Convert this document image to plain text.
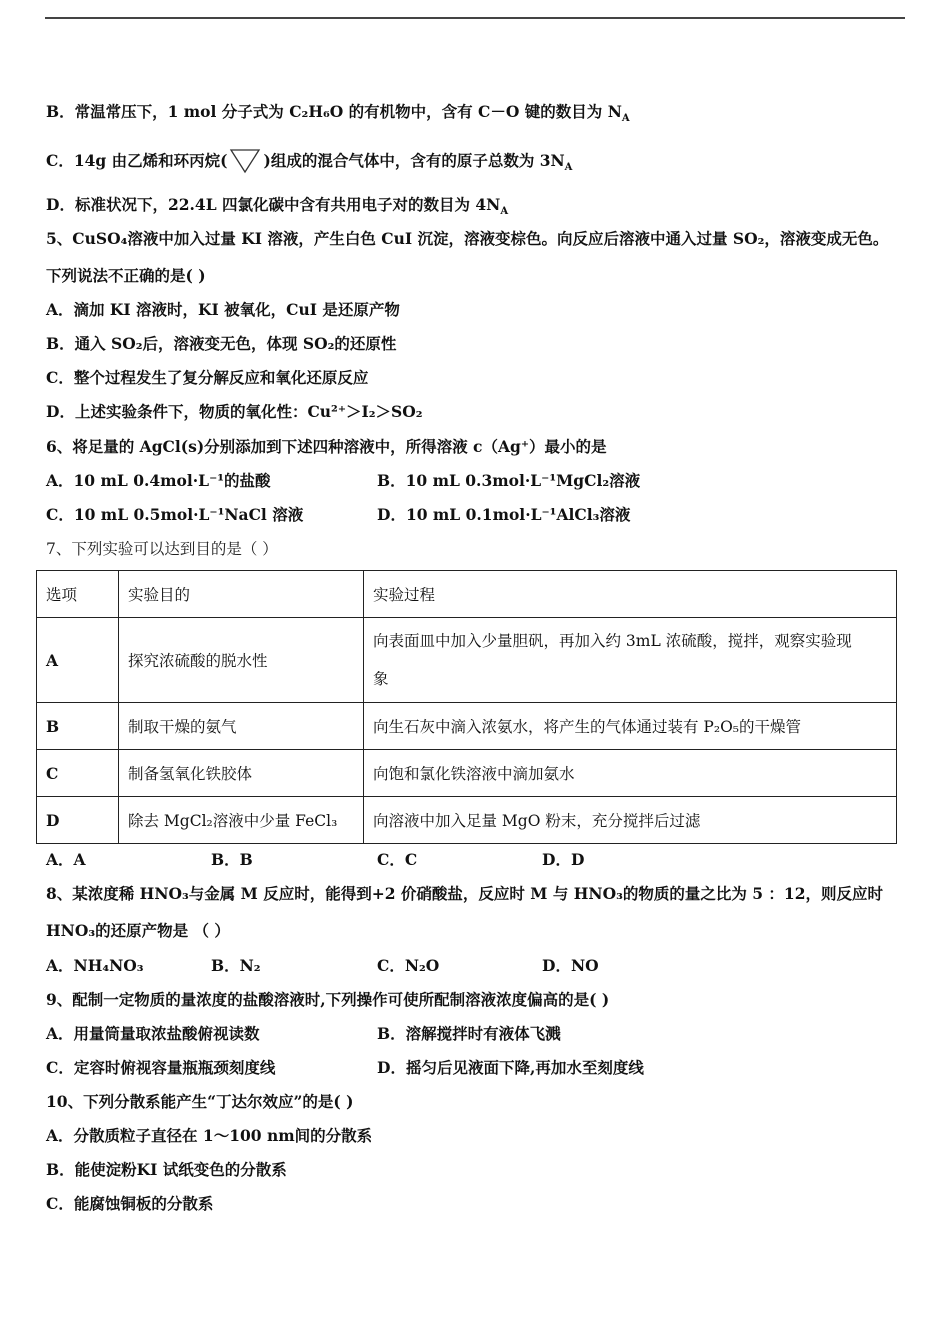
B．常温常压下，1 mol 分子式为 C₂H₆O 的有机物中，含有 C－O 键的数目为 $N_A$
C．14g 由乙烯和环丙烷( )组成的混合气体中，含有的原子总数为 $3N_A$
D．标准状况下，22.4L 四氯化碳中含有共用电子对的数目为 $4N_A$
5、CuSO₄溶液中加入过量 KI 溶液，产生白色 CuI 沉淀，溶液变棕色。向反应后溶液中通入过量 SO₂，溶液变成无色。
下列说法不正确的是( )
A．滴加 KI 溶液时，KI 被氧化，CuI 是还原产物
B．通入 SO₂后，溶液变无色，体现 SO₂的还原性
C．整个过程发生了复分解反应和氧化还原反应
D．上述实验条件下，物质的氧化性：Cu²⁺＞I₂＞SO₂
6、将足量的 AgCl(s)分别添加到下述四种溶液中，所得溶液 c（Ag⁺）最小的是
A．10 mL 0.4mol·L⁻¹的盐酸	B．10 mL 0.3mol·L⁻¹MgCl₂溶液
C．10 mL 0.5mol·L⁻¹NaCl 溶液	D．10 mL 0.1mol·L⁻¹AlCl₃溶液
7、下列实验可以达到目的是（ ）
选项	实验目的	实验过程
A	探究浓硫酸的脱水性	向表面皿中加入少量胆矾，再加入约 3mL 浓硫酸，搅拌，观察实验现
象
B	制取干燥的氨气	向生石灰中滴入浓氨水，将产生的气体通过装有 P₂O₅的干燥管
C	制备氢氧化铁胶体	向饱和氯化铁溶液中滴加氨水
D	除去 MgCl₂溶液中少量 FeCl₃	向溶液中加入足量 MgO 粉末，充分搅拌后过滤
A．A	B．B	C．C	D．D
8、某浓度稀 HNO₃与金属 M 反应时，能得到+2 价硝酸盐，反应时 M 与 HNO₃的物质的量之比为 5 ：12，则反应时
HNO₃的还原产物是 （ ）
A．NH₄NO₃	B．N₂	C．N₂O	D．NO
9、配制一定物质的量浓度的盐酸溶液时,下列操作可使所配制溶液浓度偏高的是( )
A．用量筒量取浓盐酸俯视读数	B．溶解搅拌时有液体飞溅
C．定容时俯视容量瓶瓶颈刻度线	D．摇匀后见液面下降,再加水至刻度线
10、下列分散系能产生“丁达尔效应”的是( )
A．分散质粒子直径在 1～100 nm间的分散系
B．能使淀粉KI 试纸变色的分散系
C．能腐蚀铜板的分散系
